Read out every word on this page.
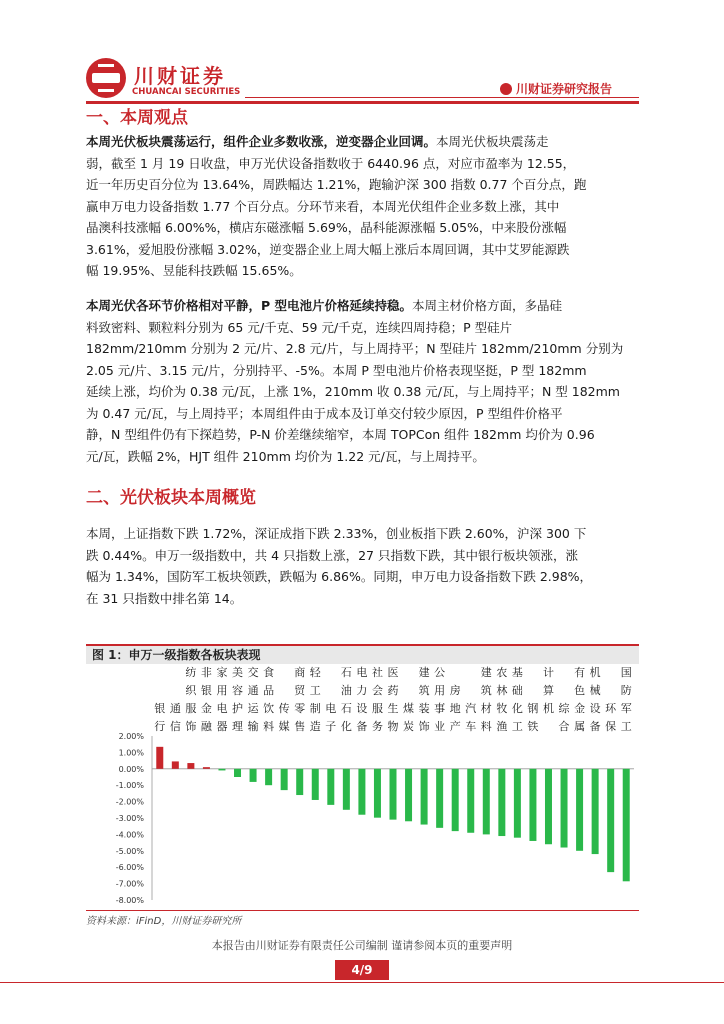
川财证券
CHUANCAI SECURITIES	川财证券研究报告
一、本周观点
本周光伏板块震荡运行，组件企业多数收涨，逆变器企业回调。本周光伏板块震荡走
弱，截至 1 月 19 日收盘，申万光伏设备指数收于 6440.96 点，对应市盈率为 12.55，
近一年历史百分位为 13.64%，周跌幅达 1.21%，跑输沪深 300 指数 0.77 个百分点，跑
赢申万电力设备指数 1.77 个百分点。分环节来看，本周光伏组件企业多数上涨，其中
晶澳科技涨幅 6.00%%，横店东磁涨幅 5.69%，晶科能源涨幅 5.05%，中来股份涨幅
3.61%，爱旭股份涨幅 3.02%，逆变器企业上周大幅上涨后本周回调，其中艾罗能源跌
幅 19.95%、昱能科技跌幅 15.65%。
本周光伏各环节价格相对平静，P 型电池片价格延续持稳。本周主材价格方面，多晶硅
料致密料、颗粒料分别为 65 元/千克、59 元/千克，连续四周持稳；P 型硅片
182mm/210mm 分别为 2 元/片、2.8 元/片，与上周持平；N 型硅片 182mm/210mm 分别为
2.05 元/片、3.15 元/片，分别持平、-5%。本周 P 型电池片价格表现坚挺，P 型 182mm
延续上涨，均价为 0.38 元/瓦，上涨 1%，210mm 收 0.38 元/瓦，与上周持平；N 型 182mm
为 0.47 元/瓦，与上周持平；本周组件由于成本及订单交付较少原因，P 型组件价格平
静，N 型组件仍有下探趋势，P-N 价差继续缩窄，本周 TOPCon 组件 182mm 均价为 0.96
元/瓦，跌幅 2%，HJT 组件 210mm 均价为 1.22 元/瓦，与上周持平。
二、光伏板块本周概览
本周，上证指数下跌 1.72%，深证成指下跌 2.33%，创业板指下跌 2.60%，沪深 300 下
跌 0.44%。申万一级指数中，共 4 只指数上涨，27 只指数下跌，其中银行板块领涨，涨
幅为 1.34%，国防军工板块领跌，跌幅为 6.86%。同期，申万电力设备指数下跌 2.98%，
在 31 只指数中排名第 14。
图 1：申万一级指数各板块表现
2.00%
1.00%
0.00%
-1.00%
-2.00%
-3.00%
-4.00%
-5.00%
-6.00%
-7.00%
-8.00%
银
行
通
信
纺
织
服
饰
非
银
金
融
家
用
电
器
美
容
护
理
交
通
运
输
食
品
饮
料
传
媒
商
贸
零
售
轻
工
制
造
电
子
石
油
石
化
电
力
设
备
社
会
服
务
医
药
生
物
煤
炭
建
筑
装
饰
公
用
事
业
房
地
产
汽
车
建
筑
材
料
农
林
牧
渔
基
础
化
工
钢
铁
计
算
机 综
合
有
色
金
属
机
械
设
备
环
保
国
防
军
工
资料来源：iFinD，川财证券研究所
本报告由川财证券有限责任公司编制 谨请参阅本页的重要声明
4/9
